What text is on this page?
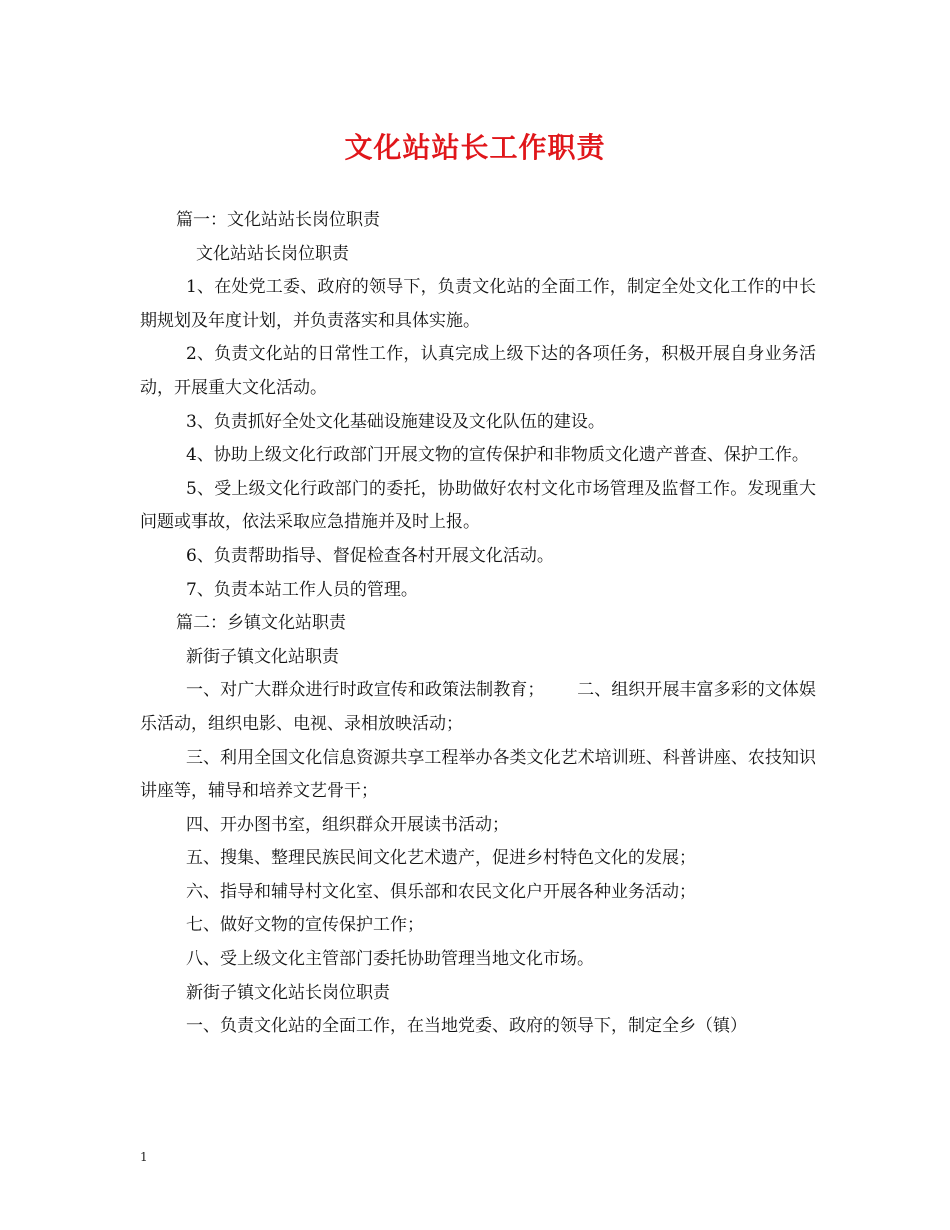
文化站站长工作职责

篇一：文化站站长岗位职责

文化站站长岗位职责

1、在处党工委、政府的领导下，负责文化站的全面工作，制定全处文化工作的中长期规划及年度计划，并负责落实和具体实施。

2、负责文化站的日常性工作，认真完成上级下达的各项任务，积极开展自身业务活动，开展重大文化活动。

3、负责抓好全处文化基础设施建设及文化队伍的建设。

4、协助上级文化行政部门开展文物的宣传保护和非物质文化遗产普查、保护工作。

5、受上级文化行政部门的委托，协助做好农村文化市场管理及监督工作。发现重大问题或事故，依法采取应急措施并及时上报。

6、负责帮助指导、督促检查各村开展文化活动。

7、负责本站工作人员的管理。

篇二：乡镇文化站职责

新街子镇文化站职责

一、对广大群众进行时政宣传和政策法制教育；      二、组织开展丰富多彩的文体娱乐活动，组织电影、电视、录相放映活动；

三、利用全国文化信息资源共享工程举办各类文化艺术培训班、科普讲座、农技知识讲座等，辅导和培养文艺骨干；

四、开办图书室，组织群众开展读书活动；

五、搜集、整理民族民间文化艺术遗产，促进乡村特色文化的发展；

六、指导和辅导村文化室、俱乐部和农民文化户开展各种业务活动；

七、做好文物的宣传保护工作；

八、受上级文化主管部门委托协助管理当地文化市场。

新街子镇文化站长岗位职责

一、负责文化站的全面工作，在当地党委、政府的领导下，制定全乡（镇）

1
